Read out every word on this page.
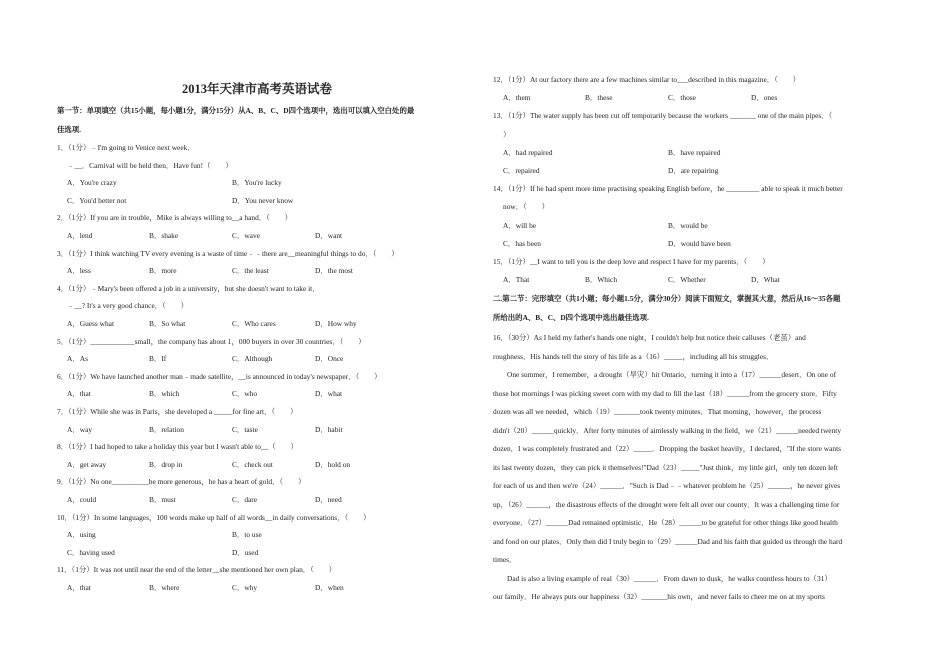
2013年天津市高考英语试卷
第一节：单项填空（共15小题，每小题1分，满分15分）从A、B、C、D四个选项中，选出可以填入空白处的最
佳选项.
1．（1分）﹣I'm going to Venice next week．
﹣__．Carnival will be held then．Have fun!（　　）
A．You're crazy	B．You're lucky
C．You'd better not	D．You never know
2．（1分）If you are in trouble，Mike is always willing to__a hand．（　　）
A．lend	B．shake	C．wave	D．want
3．（1分）I think watching TV every evening is a waste of time﹣﹣there are__meaningful things to do．（　　）
A．less	B．more	C．the least	D．the most
4．（1分）﹣Mary's been offered a job in a university，but she doesn't want to take it．
﹣__? It's a very good chance．（　　）
A．Guess what	B．So what	C．Who cares	D．How why
5．（1分）____________small，the company has about 1，000 buyers in over 30 countries．（　　）
A．As	B．If	C．Although	D．Once
6．（1分）We have launched another man﹣made satellite，__is announced in today's newspaper．（　　）
A．that	B．which	C．who	D．what
7．（1分）While she was in Paris，she developed a _____for fine art．（　　）
A．way	B．relation	C．taste	D．habit
8．（1分）I had hoped to take a holiday this year but I wasn't able to__（　　）
A．get away	B．drop in	C．check out	D．hold on
9．（1分）No one__________be more generous，he has a heart of gold．（　　）
A．could	B．must	C．dare	D．need
10．（1分）In some languages，100 words make up half of all words__in daily conversations．（　　）
A．using	B．to use
C．having used	D．used
11．（1分）It was not until near the end of the letter__she mentioned her own plan．（　　）
A．that	B．where	C．why	D．when
12．（1分）At our factory there are a few machines similar to___described in this magazine．（　　）
A．them	B．these	C．those	D．ones
13．（1分）The water supply has been cut off temporarily because the workers _______ one of the main pipes．（
）
A．had repaired	B．have repaired
C．repaired	D．are repairing
14．（1分）If he had spent more time practising speaking English before，he _________ able to speak it much better
now．（　　）
A．will be	B．would be
C．has been	D．would have been
15．（1分）__I want to tell you is the deep love and respect I have for my parents．（　　）
A．That	B．Which	C．Whether	D．What
二.第二节：完形填空（共1小题；每小题1.5分，满分30分）阅读下面短文，掌握其大意，然后从16～35各题
所给出的A、B、C、D四个选项中选出最佳选项.
16．（30分）As I held my father's hands one night，I couldn't help but notice their calluses（老茧）and
roughness．His hands tell the story of his life as a（16）_____，including all his struggles．
One summer，I remember，a drought（旱灾）hit Ontario，turning it into a（17）______desert．On one of
those hot mornings I was picking sweet corn with my dad to fill the last（18）______from the grocery store．Fifty
dozen was all we needed，which（19）_______took twenty minutes．That morning，however，the process
didn't（20）______quickly．After forty minutes of aimlessly walking in the field，we（21）______needed twenty
dozen．I was completely frustrated and（22）_____．Dropping the basket heavily，I declared，"If the store wants
its last twenty dozen，they can pick it themselves!"Dad（23）_____"Just think，my little girl，only ten dozen left
for each of us and then we're（24）______．"Such is Dad﹣﹣whatever problem he（25）______，he never gives
up．（26）______，the disastrous effects of the drought were felt all over our county．It was a challenging time for
everyone．（27）______Dad remained optimistic．He（28）______to be grateful for other things like good health
and food on our plates．Only then did I truly begin to（29）______Dad and his faith that guided us through the hard
times．
Dad is also a living example of real（30）______．From dawn to dusk，he walks countless hours to（31）
our family．He always puts our happiness（32）_______his own，and never fails to cheer me on at my sports
